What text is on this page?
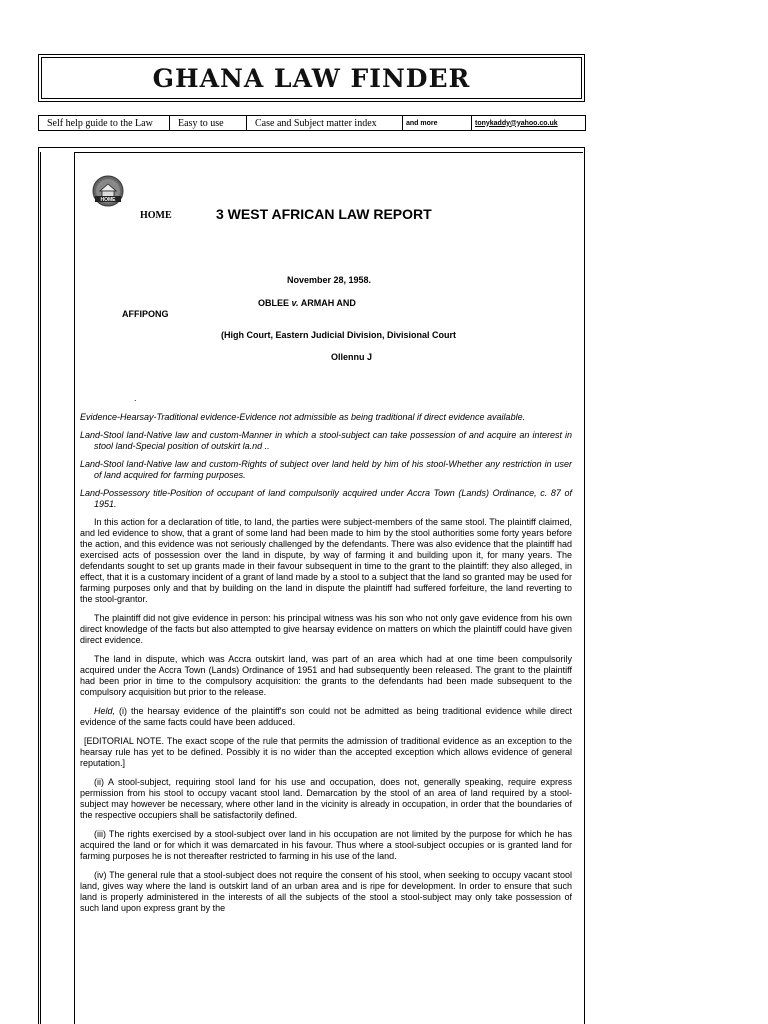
GHANA LAW FINDER
Self help guide to the Law	Easy to use	Case and Subject matter index	and more	tonykaddy@yahoo.co.uk
HOME
HOME	3 WEST AFRICAN LAW REPORT
November 28, 1958.
OBLEE v. ARMAH AND
AFFIPONG
(High Court, Eastern Judicial Division, Divisional Court
Ollennu J
.

Evidence-Hearsay-Traditional evidence-Evidence not admissible as being traditional if direct evidence available.

Land-Stool land-Native law and custom-Manner in which a stool-subject can take possession of and acquire an interest in stool land-Special position of outskirt la.nd ..

Land-Stool land-Native law and custom-Rights of subject over land held by him of his stool-Whether any restriction in user of land acquired for farming purposes.

Land-Possessory title-Position of occupant of land compulsorily acquired under Accra Town (Lands) Ordinance, c. 87 of 1951.

In this action for a declaration of title, to land, the parties were subject-members of the same stool. The plaintiff claimed, and led evidence to show, that a grant of some land had been made to him by the stool authorities some forty years before the action, and this evidence was not seriously challenged by the defendants. There was also evidence that the plaintiff had exercised acts of possession over the land in dispute, by way of farming it and building upon it, for many years. The defendants sought to set up grants made in their favour subsequent in time to the grant to the plaintiff: they also alleged, in effect, that it is a customary incident of a grant of land made by a stool to a subject that the land so granted may be used for farming purposes only and that by building on the land in dispute the plaintiff had suffered forfeiture, the land reverting to the stool-grantor.

The plaintiff did not give evidence in person: his principal witness was his son who not only gave evidence from his own direct knowledge of the facts but also attempted to give hearsay evidence on matters on which the plaintiff could have given direct evidence.

The land in dispute, which was Accra outskirt land, was part of an area which had at one time been compulsorily acquired under the Accra Town (Lands) Ordinance of 1951 and had subsequently been released. The grant to the plaintiff had been prior in time to the compulsory acquisition: the grants to the defendants had been made subsequent to the compulsory acquisition but prior to the release.

Held, (i) the hearsay evidence of the plaintiff's son could not be admitted as being traditional evidence while direct evidence of the same facts could have been adduced.

[EDITORIAL NOTE. The exact scope of the rule that permits the admission of traditional evidence as an exception to the hearsay rule has yet to be defined. Possibly it is no wider than the accepted exception which allows evidence of general reputation.]

(ii) A stool-subject, requiring stool land for his use and occupation, does not, generally speaking, require express permission from his stool to occupy vacant stool land. Demarcation by the stool of an area of land required by a stool-subject may however be necessary, where other land in the vicinity is already in occupation, in order that the boundaries of the respective occupiers shall be satisfactorily defined.

(iii) The rights exercised by a stool-subject over land in his occupation are not limited by the purpose for which he has acquired the land or for which it was demarcated in his favour. Thus where a stool-subject occupies or is granted land for farming purposes he is not thereafter restricted to farming in his use of the land.

(iv) The general rule that a stool-subject does not require the consent of his stool, when seeking to occupy vacant stool land, gives way where the land is outskirt land of an urban area and is ripe for development. In order to ensure that such land is properly administered in the interests of all the subjects of the stool a stool-subject may only take possession of such land upon express grant by the
